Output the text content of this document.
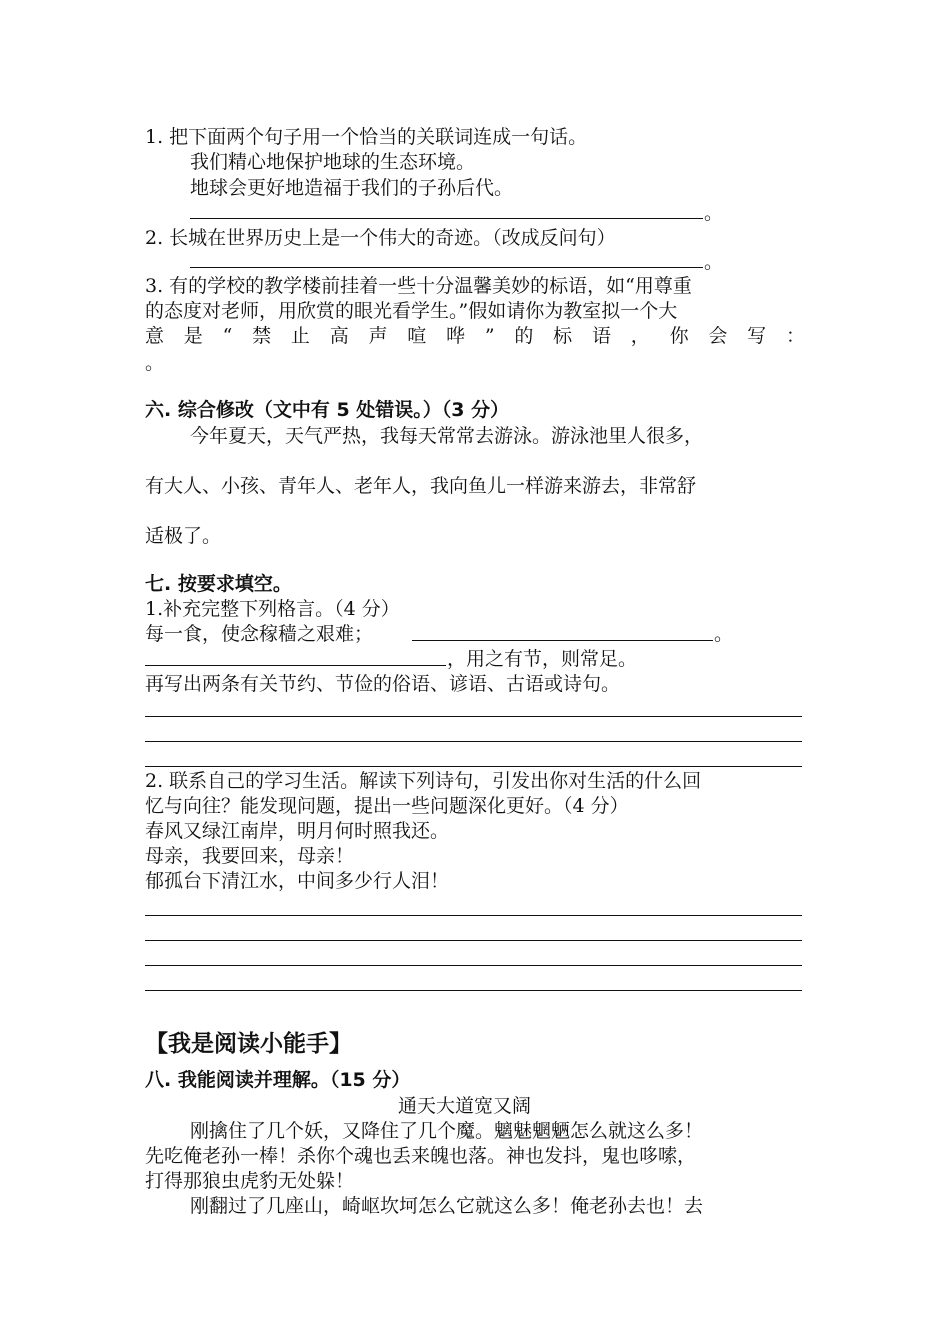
1. 把下面两个句子用一个恰当的关联词连成一句话。
我们精心地保护地球的生态环境。
地球会更好地造福于我们的子孙后代。
。
2. 长城在世界历史上是一个伟大的奇迹。（改成反问句）
。
3. 有的学校的教学楼前挂着一些十分温馨美妙的标语，如“用尊重
的态度对老师，用欣赏的眼光看学生。”假如请你为教室拟一个大
意 是 “ 禁 止 高 声 喧 哗 ” 的 标 语 ， 你 会 写 ：
。
六. 综合修改（文中有 5 处错误。）（3 分）
今年夏天，天气严热，我每天常常去游泳。游泳池里人很多，
有大人、小孩、青年人、老年人，我向鱼儿一样游来游去，非常舒
适极了。
七. 按要求填空。
1.补充完整下列格言。（4 分）
每一食，使念稼穑之艰难；	。
，用之有节，则常足。
再写出两条有关节约、节俭的俗语、谚语、古语或诗句。
2. 联系自己的学习生活。解读下列诗句，引发出你对生活的什么回
忆与向往？能发现问题，提出一些问题深化更好。（4 分）
春风又绿江南岸，明月何时照我还。
母亲，我要回来，母亲！
郁孤台下清江水，中间多少行人泪！
【我是阅读小能手】
八. 我能阅读并理解。（15 分）
通天大道宽又阔
刚擒住了几个妖，又降住了几个魔。魑魅魍魉怎么就这么多！
先吃俺老孙一棒！杀你个魂也丢来魄也落。神也发抖，鬼也哆嗦，
打得那狼虫虎豹无处躲！
刚翻过了几座山，崎岖坎坷怎么它就这么多！俺老孙去也！去
